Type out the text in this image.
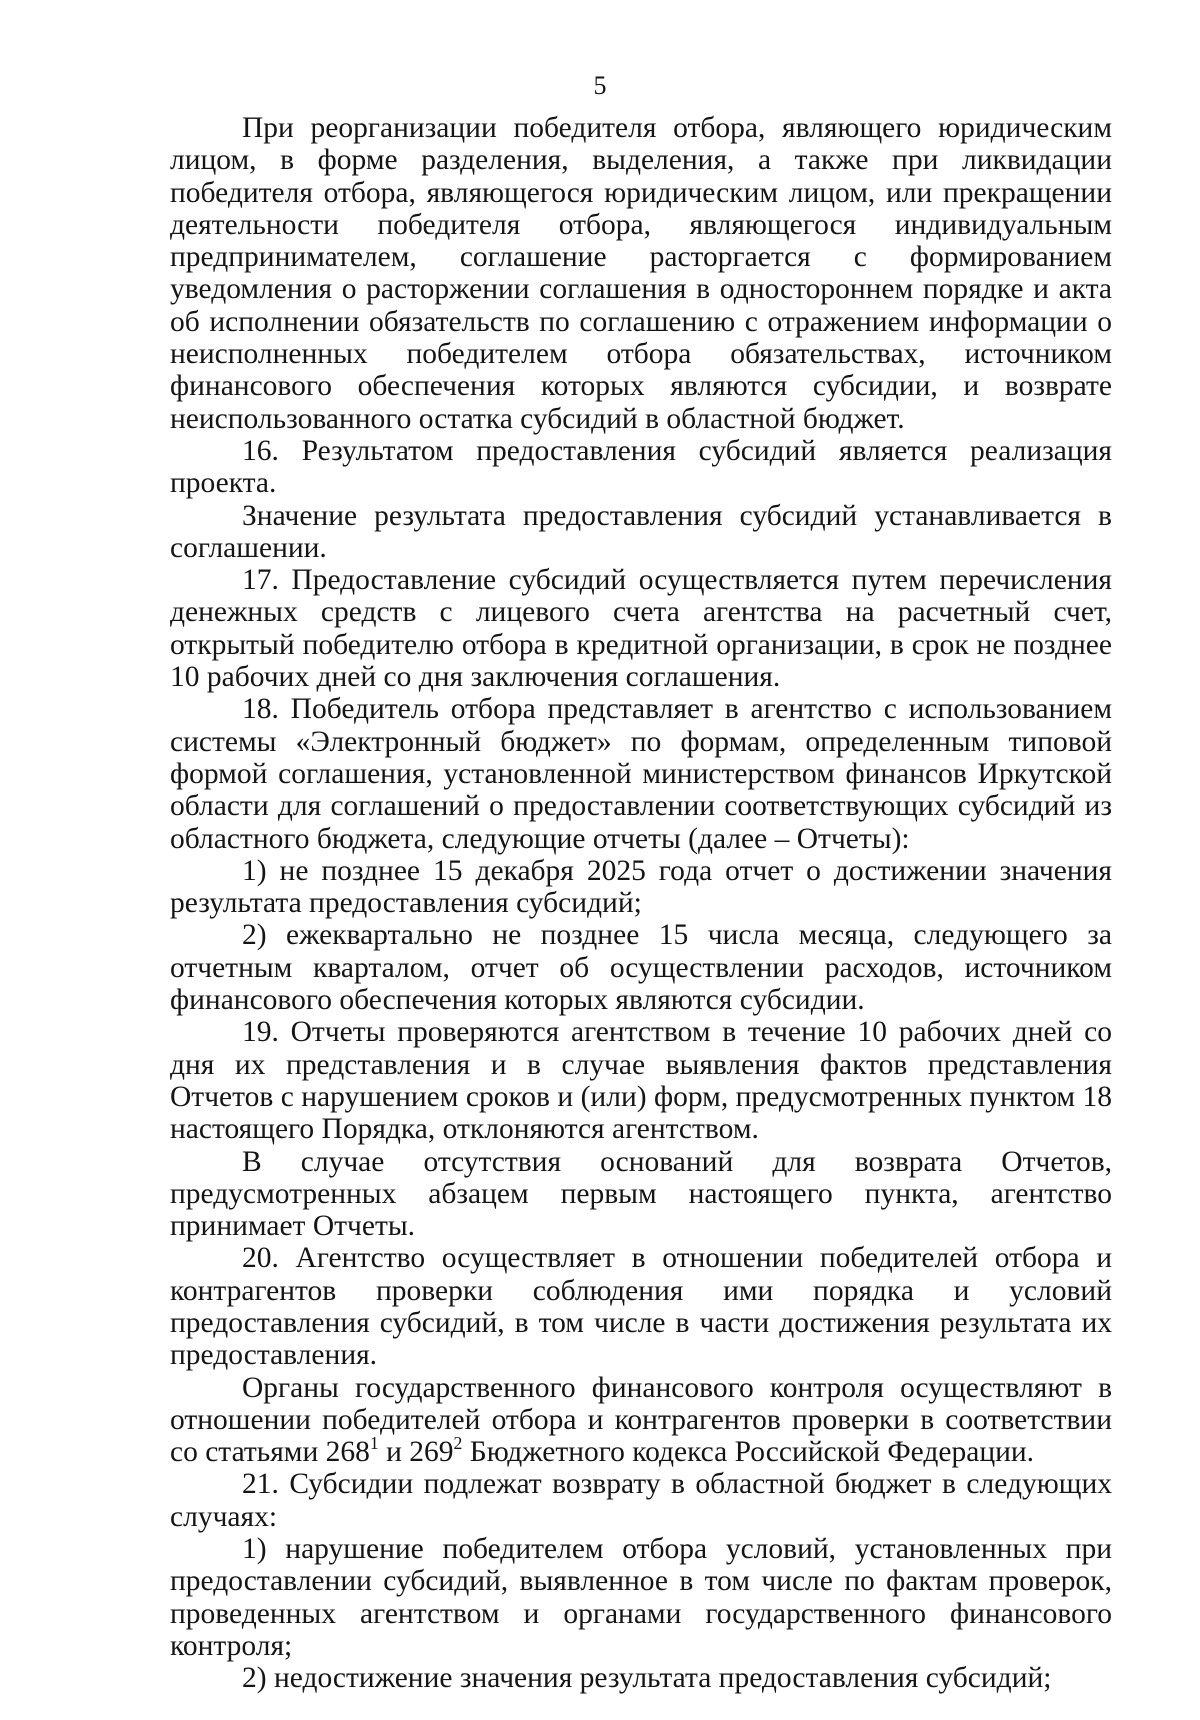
5

При реорганизации победителя отбора, являющего юридическим лицом, в форме разделения, выделения, а также при ликвидации победителя отбора, являющегося юридическим лицом, или прекращении деятельности победителя отбора, являющегося индивидуальным предпринимателем, соглашение расторгается с формированием уведомления о расторжении соглашения в одностороннем порядке и акта об исполнении обязательств по соглашению с отражением информации о неисполненных победителем отбора обязательствах, источником финансового обеспечения которых являются субсидии, и возврате неиспользованного остатка субсидий в областной бюджет.

16. Результатом предоставления субсидий является реализация проекта.

Значение результата предоставления субсидий устанавливается в соглашении.

17. Предоставление субсидий осуществляется путем перечисления денежных средств с лицевого счета агентства на расчетный счет, открытый победителю отбора в кредитной организации, в срок не позднее 10 рабочих дней со дня заключения соглашения.

18. Победитель отбора представляет в агентство с использованием системы «Электронный бюджет» по формам, определенным типовой формой соглашения, установленной министерством финансов Иркутской области для соглашений о предоставлении соответствующих субсидий из областного бюджета, следующие отчеты (далее – Отчеты):

1) не позднее 15 декабря 2025 года отчет о достижении значения результата предоставления субсидий;

2) ежеквартально не позднее 15 числа месяца, следующего за отчетным кварталом, отчет об осуществлении расходов, источником финансового обеспечения которых являются субсидии.

19. Отчеты проверяются агентством в течение 10 рабочих дней со дня их представления и в случае выявления фактов представления Отчетов с нарушением сроков и (или) форм, предусмотренных пунктом 18 настоящего Порядка, отклоняются агентством.

В случае отсутствия оснований для возврата Отчетов, предусмотренных абзацем первым настоящего пункта, агентство принимает Отчеты.

20. Агентство осуществляет в отношении победителей отбора и контрагентов проверки соблюдения ими порядка и условий предоставления субсидий, в том числе в части достижения результата их предоставления.

Органы государственного финансового контроля осуществляют в отношении победителей отбора и контрагентов проверки в соответствии со статьями $268^1$ и $269^2$ Бюджетного кодекса Российской Федерации.

21. Субсидии подлежат возврату в областной бюджет в следующих случаях:

1) нарушение победителем отбора условий, установленных при предоставлении субсидий, выявленное в том числе по фактам проверок, проведенных агентством и органами государственного финансового контроля;

2) недостижение значения результата предоставления субсидий;
